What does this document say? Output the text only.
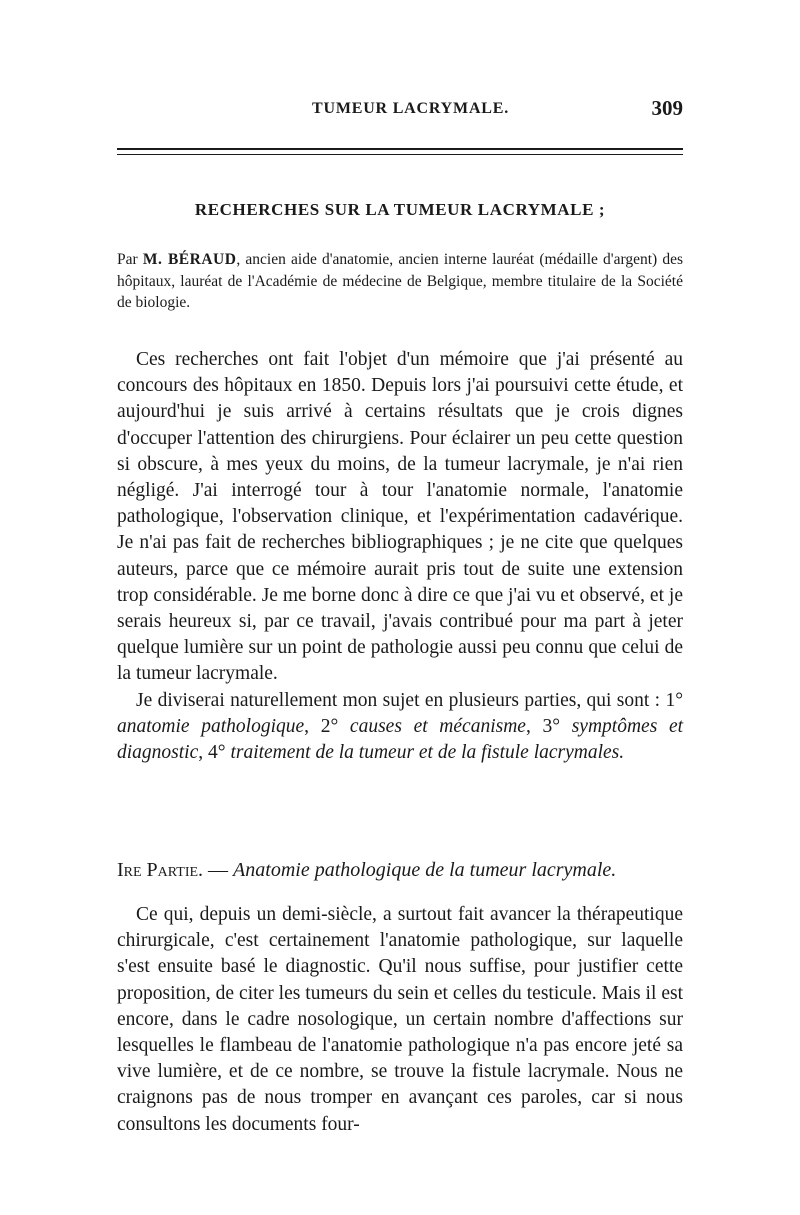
TUMEUR LACRYMALE.	309
RECHERCHES SUR LA TUMEUR LACRYMALE ;

Par M. BÉRAUD, ancien aide d'anatomie, ancien interne lauréat (médaille d'argent) des hôpitaux, lauréat de l'Académie de médecine de Belgique, membre titulaire de la Société de biologie.

Ces recherches ont fait l'objet d'un mémoire que j'ai présenté au concours des hôpitaux en 1850. Depuis lors j'ai poursuivi cette étude, et aujourd'hui je suis arrivé à certains résultats que je crois dignes d'occuper l'attention des chirurgiens. Pour éclairer un peu cette question si obscure, à mes yeux du moins, de la tumeur lacrymale, je n'ai rien négligé. J'ai interrogé tour à tour l'anatomie normale, l'anatomie pathologique, l'observation clinique, et l'expérimentation cadavérique. Je n'ai pas fait de recherches bibliographiques ; je ne cite que quelques auteurs, parce que ce mémoire aurait pris tout de suite une extension trop considérable. Je me borne donc à dire ce que j'ai vu et observé, et je serais heureux si, par ce travail, j'avais contribué pour ma part à jeter quelque lumière sur un point de pathologie aussi peu connu que celui de la tumeur lacrymale.

Je diviserai naturellement mon sujet en plusieurs parties, qui sont : 1° anatomie pathologique, 2° causes et mécanisme, 3° symptômes et diagnostic, 4° traitement de la tumeur et de la fistule lacrymales.

Ire Partie. — Anatomie pathologique de la tumeur lacrymale.

Ce qui, depuis un demi-siècle, a surtout fait avancer la thérapeutique chirurgicale, c'est certainement l'anatomie pathologique, sur laquelle s'est ensuite basé le diagnostic. Qu'il nous suffise, pour justifier cette proposition, de citer les tumeurs du sein et celles du testicule. Mais il est encore, dans le cadre nosologique, un certain nombre d'affections sur lesquelles le flambeau de l'anatomie pathologique n'a pas encore jeté sa vive lumière, et de ce nombre, se trouve la fistule lacrymale. Nous ne craignons pas de nous tromper en avançant ces paroles, car si nous consultons les documents four-
